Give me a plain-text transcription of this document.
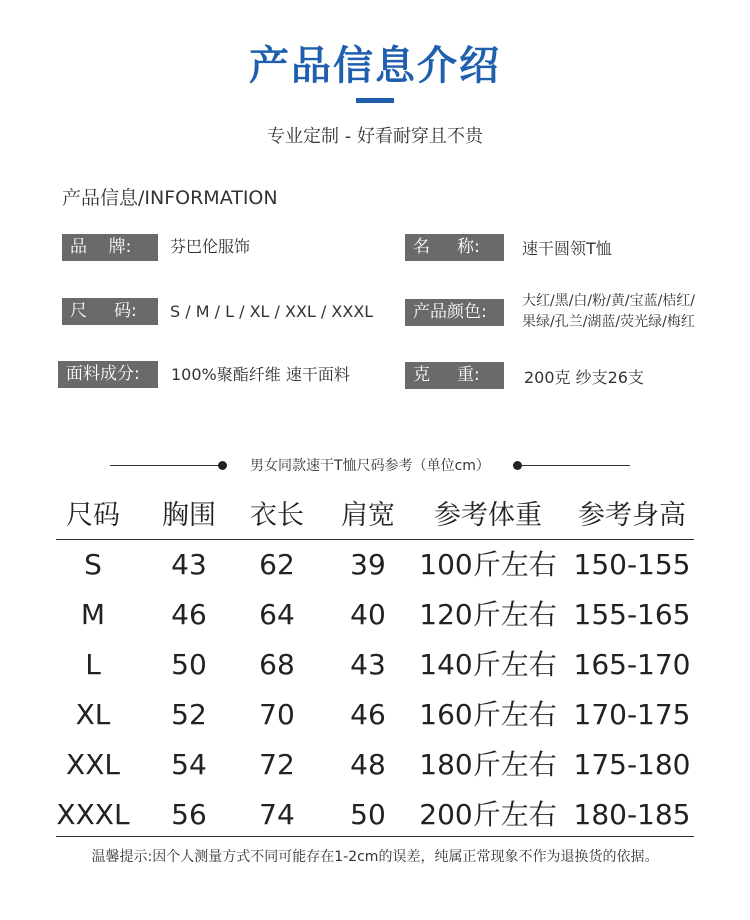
产品信息介绍
专业定制 - 好看耐穿且不贵
产品信息/INFORMATION
品    牌:	芬巴伦服饰	名     称:	速干圆领T恤
尺     码:	S / M / L / XL / XXL / XXXL	产品颜色:
大红/黑/白/粉/黄/宝蓝/桔红/
果绿/孔兰/湖蓝/荧光绿/梅红
面料成分:	100%聚酯纤维 速干面料	克     重:	200克 纱支26支
男女同款速干T恤尺码参考（单位cm）
尺码	胸围	衣长	肩宽	参考体重	参考身高
S	43	62	39	100斤左右 150-155
M	46	64	40	120斤左右 155-165
L	50	68	43	140斤左右 165-170
XL	52	70	46	160斤左右 170-175
XXL	54	72	48	180斤左右 175-180
XXXL	56	74	50	200斤左右 180-185
温馨提示:因个人测量方式不同可能存在1-2cm的误差，纯属正常现象不作为退换货的依据。
